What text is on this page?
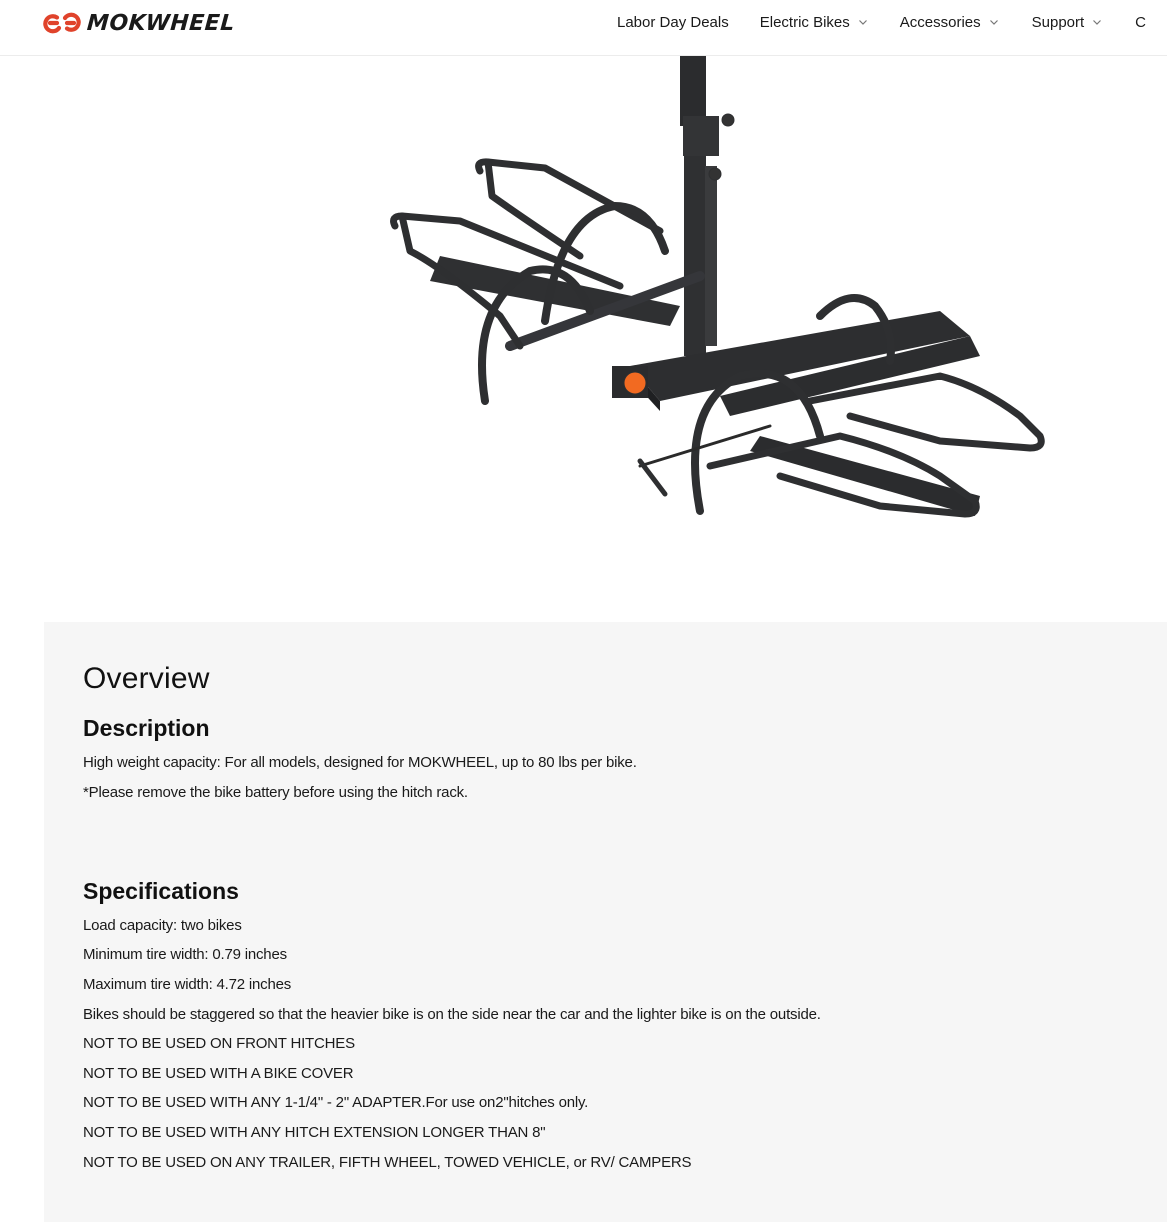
MOKWHEEL	Labor Day Deals Electric Bikes	Accessories	Support	C
Overview
Description

High weight capacity: For all models, designed for MOKWHEEL, up to 80 lbs per bike.

*Please remove the bike battery before using the hitch rack.

Specifications

Load capacity: two bikes

Minimum tire width: 0.79 inches

Maximum tire width: 4.72 inches

Bikes should be staggered so that the heavier bike is on the side near the car and the lighter bike is on the outside.

NOT TO BE USED ON FRONT HITCHES

NOT TO BE USED WITH A BIKE COVER

NOT TO BE USED WITH ANY 1-1/4" - 2" ADAPTER.For use on2"hitches only.

NOT TO BE USED WITH ANY HITCH EXTENSION LONGER THAN 8"

NOT TO BE USED ON ANY TRAILER, FIFTH WHEEL, TOWED VEHICLE, or RV/ CAMPERS
